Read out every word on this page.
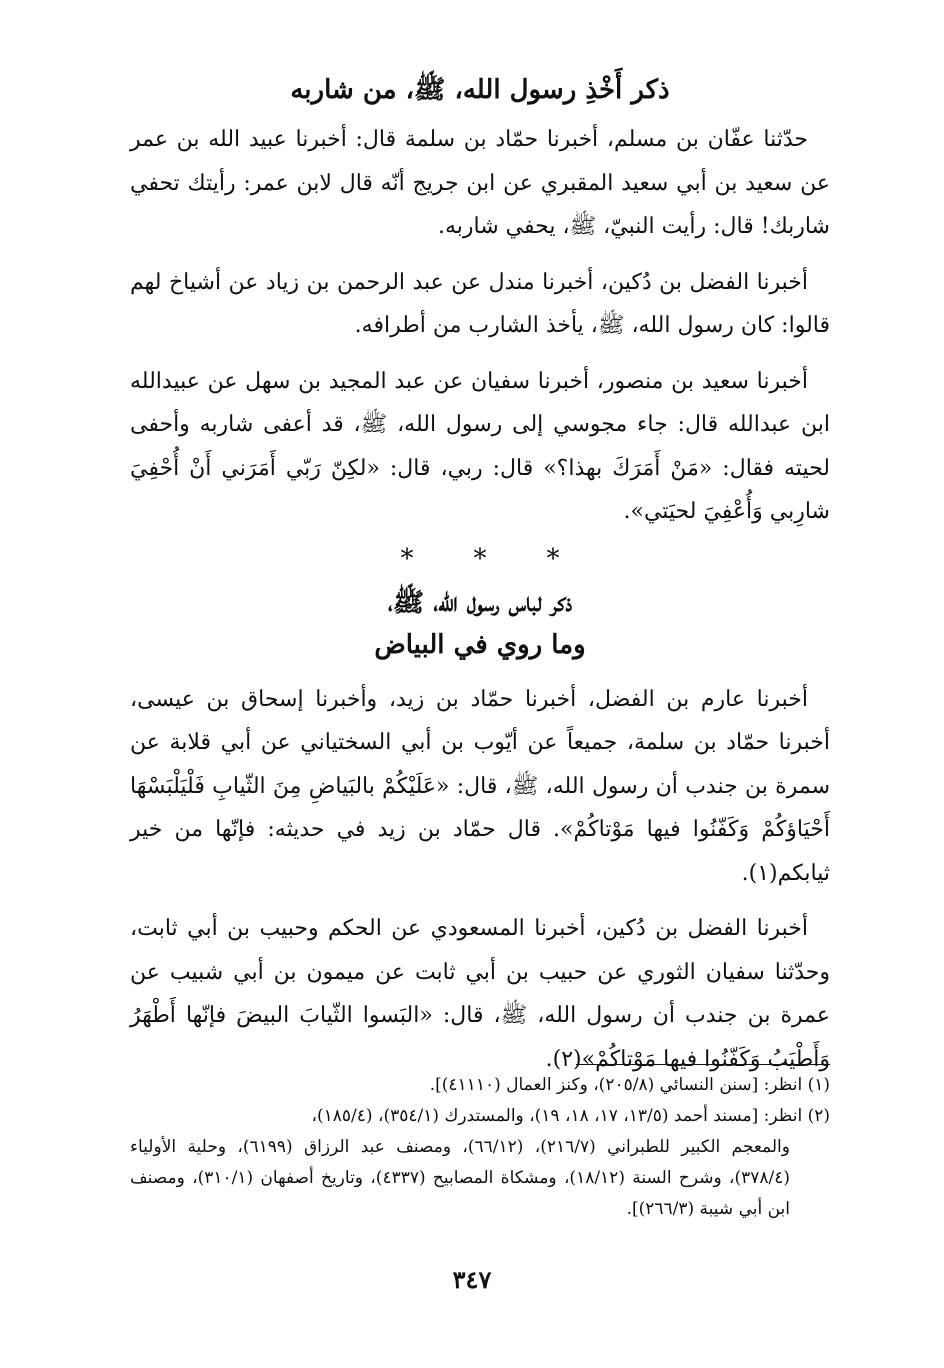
ذكر أَخْذِ رسول الله، ﷺ، من شاربه

حدّثنا عفّان بن مسلم، أخبرنا حمّاد بن سلمة قال: أخبرنا عبيد الله بن عمر عن سعيد بن أبي سعيد المقبري عن ابن جريج أنّه قال لابن عمر: رأيتك تحفي شاربك! قال: رأيت النبيّ، ﷺ، يحفي شاربه.

أخبرنا الفضل بن دُكين، أخبرنا مندل عن عبد الرحمن بن زياد عن أشياخ لهم قالوا: كان رسول الله، ﷺ، يأخذ الشارب من أطرافه.

أخبرنا سعيد بن منصور، أخبرنا سفيان عن عبد المجيد بن سهل عن عبيدالله ابن عبدالله قال: جاء مجوسي إلى رسول الله، ﷺ، قد أعفى شاربه وأحفى لحيته فقال: «مَنْ أَمَرَكَ بهذا؟» قال: ربي، قال: «لكِنّ رَبّي أَمَرَني أَنْ أُحْفِيَ شارِبي وَأُعْفِيَ لحيَتي».

***
ذكر لباس رسول الله، ﷺ،
وما روي في البياض

أخبرنا عارم بن الفضل، أخبرنا حمّاد بن زيد، وأخبرنا إسحاق بن عيسى، أخبرنا حمّاد بن سلمة، جميعاً عن أيّوب بن أبي السختياني عن أبي قلابة عن سمرة بن جندب أن رسول الله، ﷺ، قال: «عَلَيْكُمْ بالبَياضِ مِنَ الثّيابِ فَلْيَلْبَسْهَا أَحْيَاؤكُمْ وَكَفّنُوا فيها مَوْتاكُمْ». قال حمّاد بن زيد في حديثه: فإنّها من خير ثيابكم(١).

أخبرنا الفضل بن دُكين، أخبرنا المسعودي عن الحكم وحبيب بن أبي ثابت، وحدّثنا سفيان الثوري عن حبيب بن أبي ثابت عن ميمون بن أبي شبيب عن عمرة بن جندب أن رسول الله، ﷺ، قال: «البَسوا الثّيابَ البيضَ فإنّها أَطْهَرُ وَأَطْيَبُ وَكَفّنُوا فيها مَوْتاكُمْ»(٢).

(١) انظر: [سنن النسائي (٢٠٥/٨)، وكنز العمال (٤١١١٠)].

(٢) انظر: [مسند أحمد (١٣/٥، ١٧، ١٨، ١٩)، والمستدرك (٣٥٤/١)، (١٨٥/٤)،

والمعجم الكبير للطبراني (٢١٦/٧)، (٦٦/١٢)، ومصنف عبد الرزاق (٦١٩٩)، وحلية الأولياء (٣٧٨/٤)، وشرح السنة (١٨/١٢)، ومشكاة المصابيح (٤٣٣٧)، وتاريخ أصفهان (٣١٠/١)، ومصنف ابن أبي شيبة (٢٦٦/٣)].

٣٤٧
